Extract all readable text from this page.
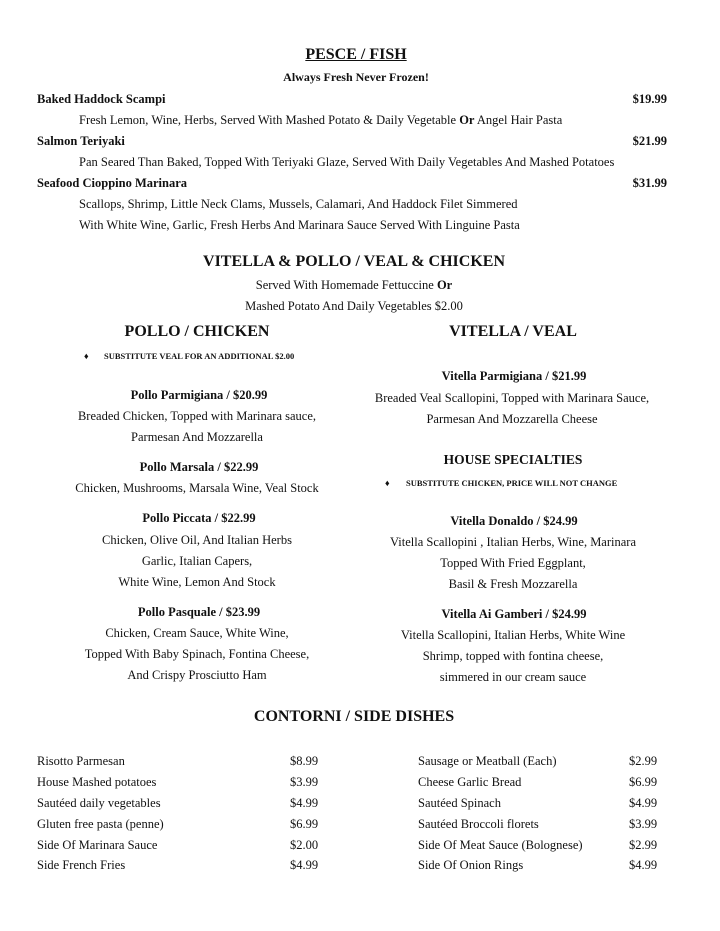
PESCE / FISH
Always Fresh Never Frozen!
Baked Haddock Scampi	$19.99
Fresh Lemon, Wine, Herbs, Served With Mashed Potato & Daily Vegetable Or Angel Hair Pasta
Salmon Teriyaki	$21.99
Pan Seared Than Baked, Topped With Teriyaki Glaze, Served With Daily Vegetables And Mashed Potatoes
Seafood Cioppino Marinara	$31.99
Scallops, Shrimp, Little Neck Clams, Mussels, Calamari, And Haddock Filet Simmered
With White Wine, Garlic, Fresh Herbs And Marinara Sauce Served With Linguine Pasta
VITELLA & POLLO / VEAL & CHICKEN
Served With Homemade Fettuccine Or
Mashed Potato And Daily Vegetables $2.00
POLLO / CHICKEN
♦ SUBSTITUTE VEAL FOR AN ADDITIONAL $2.00
Pollo Parmigiana / $20.99
Breaded Chicken, Topped with Marinara sauce,
Parmesan And Mozzarella
Pollo Marsala / $22.99
Chicken, Mushrooms, Marsala Wine, Veal Stock
Pollo Piccata / $22.99
Chicken, Olive Oil, And Italian Herbs
Garlic, Italian Capers,
White Wine, Lemon And Stock
Pollo Pasquale / $23.99
Chicken, Cream Sauce, White Wine,
Topped With Baby Spinach, Fontina Cheese,
And Crispy Prosciutto Ham
VITELLA / VEAL
Vitella Parmigiana / $21.99
Breaded Veal Scallopini, Topped with Marinara Sauce,
Parmesan And Mozzarella Cheese
HOUSE SPECIALTIES
♦ SUBSTITUTE CHICKEN, PRICE WILL NOT CHANGE
Vitella Donaldo / $24.99
Vitella Scallopini , Italian Herbs, Wine, Marinara
Topped With Fried Eggplant,
Basil & Fresh Mozzarella
Vitella Ai Gamberi / $24.99
Vitella Scallopini, Italian Herbs, White Wine
Shrimp, topped with fontina cheese,
simmered in our cream sauce
CONTORNI / SIDE DISHES
Risotto Parmesan	$8.99
House Mashed potatoes	$3.99
Sautéed daily vegetables	$4.99
Gluten free pasta (penne)	$6.99
Side Of Marinara Sauce	$2.00
Side French Fries	$4.99
Sausage or Meatball (Each)	$2.99
Cheese Garlic Bread	$6.99
Sautéed Spinach	$4.99
Sautéed Broccoli florets	$3.99
Side Of Meat Sauce (Bolognese)	$2.99
Side Of Onion Rings	$4.99
